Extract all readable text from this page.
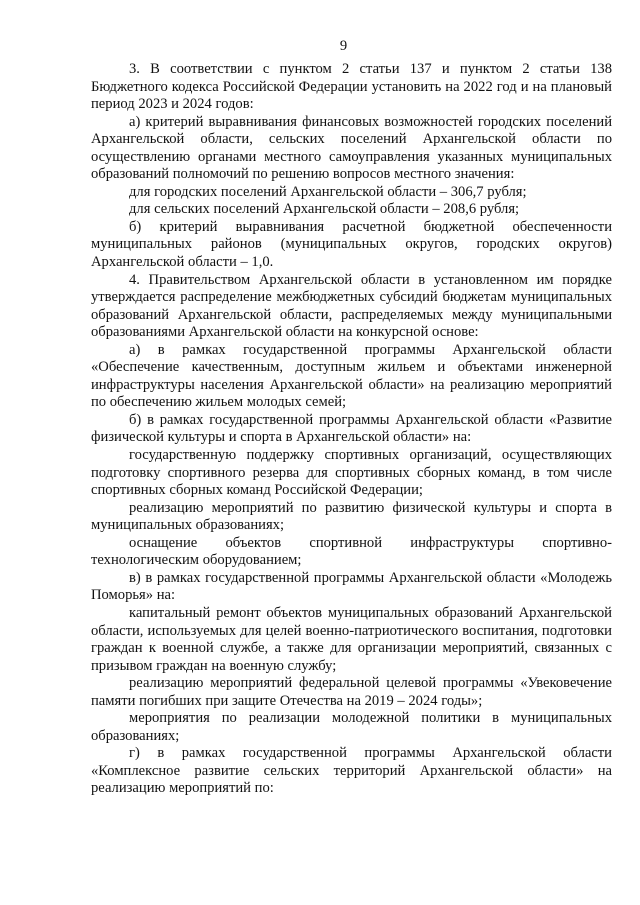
9

3. В соответствии с пунктом 2 статьи 137 и пунктом 2 статьи 138 Бюджетного кодекса Российской Федерации установить на 2022 год и на плановый период 2023 и 2024 годов:

а) критерий выравнивания финансовых возможностей городских поселений Архангельской области, сельских поселений Архангельской области по осуществлению органами местного самоуправления указанных муниципальных образований полномочий по решению вопросов местного значения:

для городских поселений Архангельской области – 306,7 рубля;

для сельских поселений Архангельской области – 208,6 рубля;

б) критерий выравнивания расчетной бюджетной обеспеченности муниципальных районов (муниципальных округов, городских округов) Архангельской области – 1,0.

4. Правительством Архангельской области в установленном им порядке утверждается распределение межбюджетных субсидий бюджетам муниципальных образований Архангельской области, распределяемых между муниципальными образованиями Архангельской области на конкурсной основе:

а) в рамках государственной программы Архангельской области «Обеспечение качественным, доступным жильем и объектами инженерной инфраструктуры населения Архангельской области» на реализацию мероприятий по обеспечению жильем молодых семей;

б) в рамках государственной программы Архангельской области «Развитие физической культуры и спорта в Архангельской области» на:

государственную поддержку спортивных организаций, осуществляющих подготовку спортивного резерва для спортивных сборных команд, в том числе спортивных сборных команд Российской Федерации;

реализацию мероприятий по развитию физической культуры и спорта в муниципальных образованиях;

оснащение объектов спортивной инфраструктуры спортивно-технологическим оборудованием;

в) в рамках государственной программы Архангельской области «Молодежь Поморья» на:

капитальный ремонт объектов муниципальных образований Архангельской области, используемых для целей военно-патриотического воспитания, подготовки граждан к военной службе, а также для организации мероприятий, связанных с призывом граждан на военную службу;

реализацию мероприятий федеральной целевой программы «Увековечение памяти погибших при защите Отечества на 2019 – 2024 годы»;

мероприятия по реализации молодежной политики в муниципальных образованиях;

г) в рамках государственной программы Архангельской области «Комплексное развитие сельских территорий Архангельской области» на реализацию мероприятий по:
